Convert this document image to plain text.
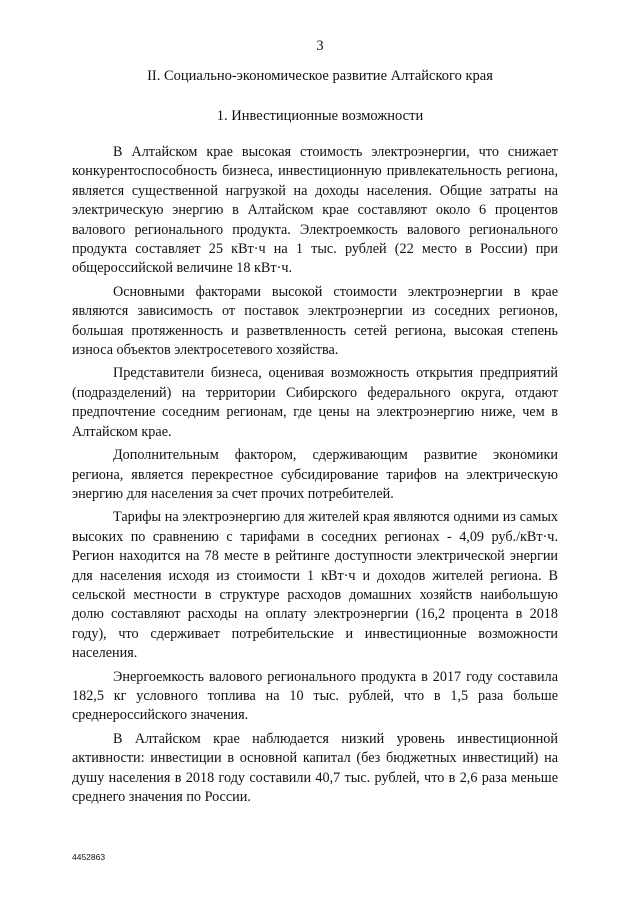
3
II. Социально-экономическое развитие Алтайского края
1. Инвестиционные возможности

В Алтайском крае высокая стоимость электроэнергии, что снижает конкурентоспособность бизнеса, инвестиционную привлекательность региона, является существенной нагрузкой на доходы населения. Общие затраты на электрическую энергию в Алтайском крае составляют около 6 процентов валового регионального продукта. Электроемкость валового регионального продукта составляет 25 кВт·ч на 1 тыс. рублей (22 место в России) при общероссийской величине 18 кВт·ч.

Основными факторами высокой стоимости электроэнергии в крае являются зависимость от поставок электроэнергии из соседних регионов, большая протяженность и разветвленность сетей региона, высокая степень износа объектов электросетевого хозяйства.

Представители бизнеса, оценивая возможность открытия предприятий (подразделений) на территории Сибирского федерального округа, отдают предпочтение соседним регионам, где цены на электроэнергию ниже, чем в Алтайском крае.

Дополнительным фактором, сдерживающим развитие экономики региона, является перекрестное субсидирование тарифов на электрическую энергию для населения за счет прочих потребителей.

Тарифы на электроэнергию для жителей края являются одними из самых высоких по сравнению с тарифами в соседних регионах - 4,09 руб./кВт·ч. Регион находится на 78 месте в рейтинге доступности электрической энергии для населения исходя из стоимости 1 кВт·ч и доходов жителей региона. В сельской местности в структуре расходов домашних хозяйств наибольшую долю составляют расходы на оплату электроэнергии (16,2 процента в 2018 году), что сдерживает потребительские и инвестиционные возможности населения.

Энергоемкость валового регионального продукта в 2017 году составила 182,5 кг условного топлива на 10 тыс. рублей, что в 1,5 раза больше среднероссийского значения.

В Алтайском крае наблюдается низкий уровень инвестиционной активности: инвестиции в основной капитал (без бюджетных инвестиций) на душу населения в 2018 году составили 40,7 тыс. рублей, что в 2,6 раза меньше среднего значения по России.

4452863
